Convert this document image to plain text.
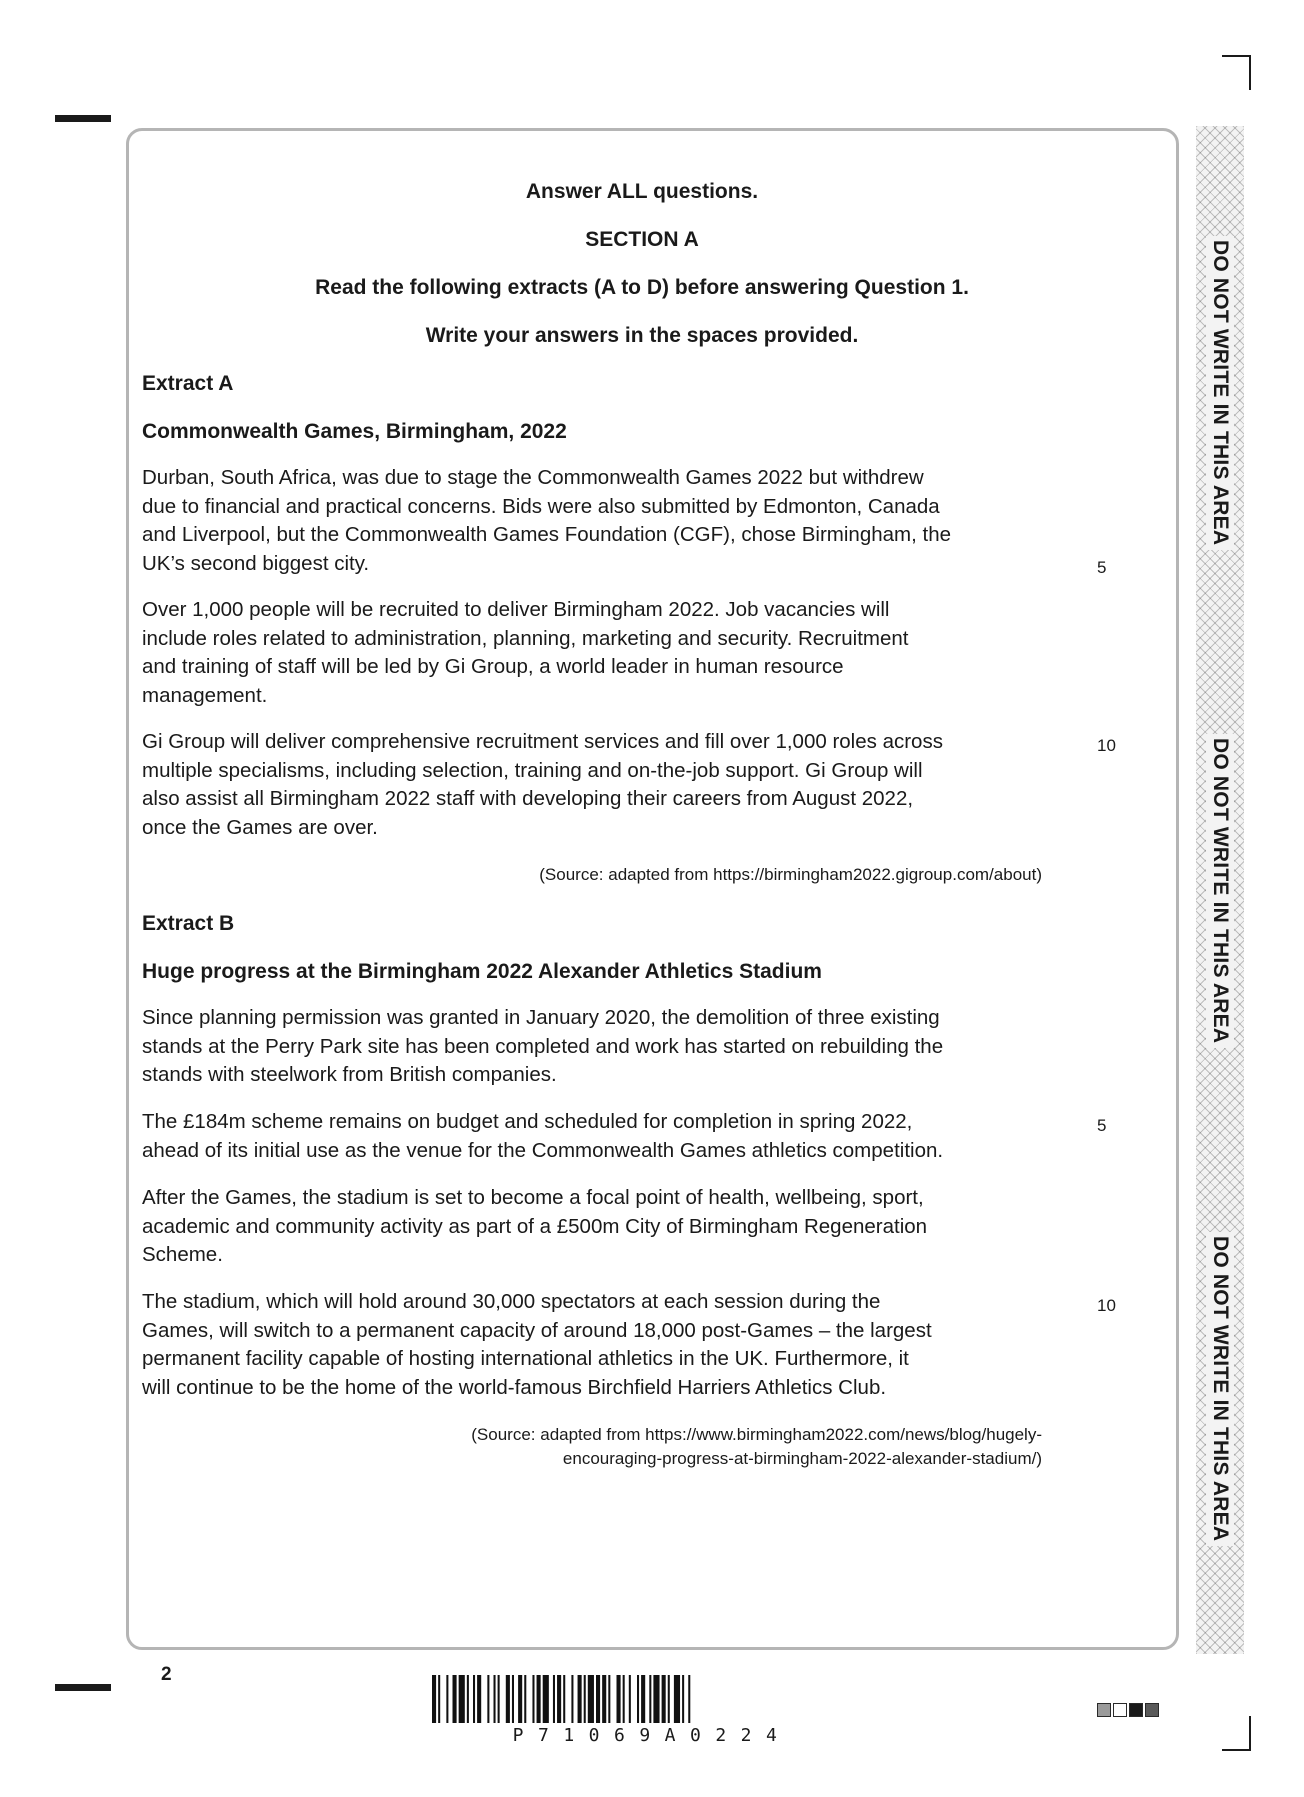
DO NOT WRITE IN THIS AREA
DO NOT WRITE IN THIS AREA
DO NOT WRITE IN THIS AREA

Answer ALL questions.

SECTION A

Read the following extracts (A to D) before answering Question 1.

Write your answers in the spaces provided.

Extract A

Commonwealth Games, Birmingham, 2022

Durban, South Africa, was due to stage the Commonwealth Games 2022 but withdrew
due to financial and practical concerns. Bids were also submitted by Edmonton, Canada
and Liverpool, but the Commonwealth Games Foundation (CGF), chose Birmingham, the
UK’s second biggest city.	5

Over 1,000 people will be recruited to deliver Birmingham 2022. Job vacancies will
include roles related to administration, planning, marketing and security. Recruitment
and training of staff will be led by Gi Group, a world leader in human resource
management.

Gi Group will deliver comprehensive recruitment services and fill over 1,000 roles across
multiple specialisms, including selection, training and on-the-job support. Gi Group will
also assist all Birmingham 2022 staff with developing their careers from August 2022,
once the Games are over.

10

(Source: adapted from https://birmingham2022.gigroup.com/about)

Extract B

Huge progress at the Birmingham 2022 Alexander Athletics Stadium

Since planning permission was granted in January 2020, the demolition of three existing
stands at the Perry Park site has been completed and work has started on rebuilding the
stands with steelwork from British companies.

The £184m scheme remains on budget and scheduled for completion in spring 2022,
ahead of its initial use as the venue for the Commonwealth Games athletics competition.

5

After the Games, the stadium is set to become a focal point of health, wellbeing, sport,
academic and community activity as part of a £500m City of Birmingham Regeneration
Scheme.

The stadium, which will hold around 30,000 spectators at each session during the
Games, will switch to a permanent capacity of around 18,000 post-Games – the largest
permanent facility capable of hosting international athletics in the UK. Furthermore, it
will continue to be the home of the world-famous Birchfield Harriers Athletics Club.

10

(Source: adapted from https://www.birmingham2022.com/news/blog/hugely-
encouraging-progress-at-birmingham-2022-alexander-stadium/)

2
P71069A0224
